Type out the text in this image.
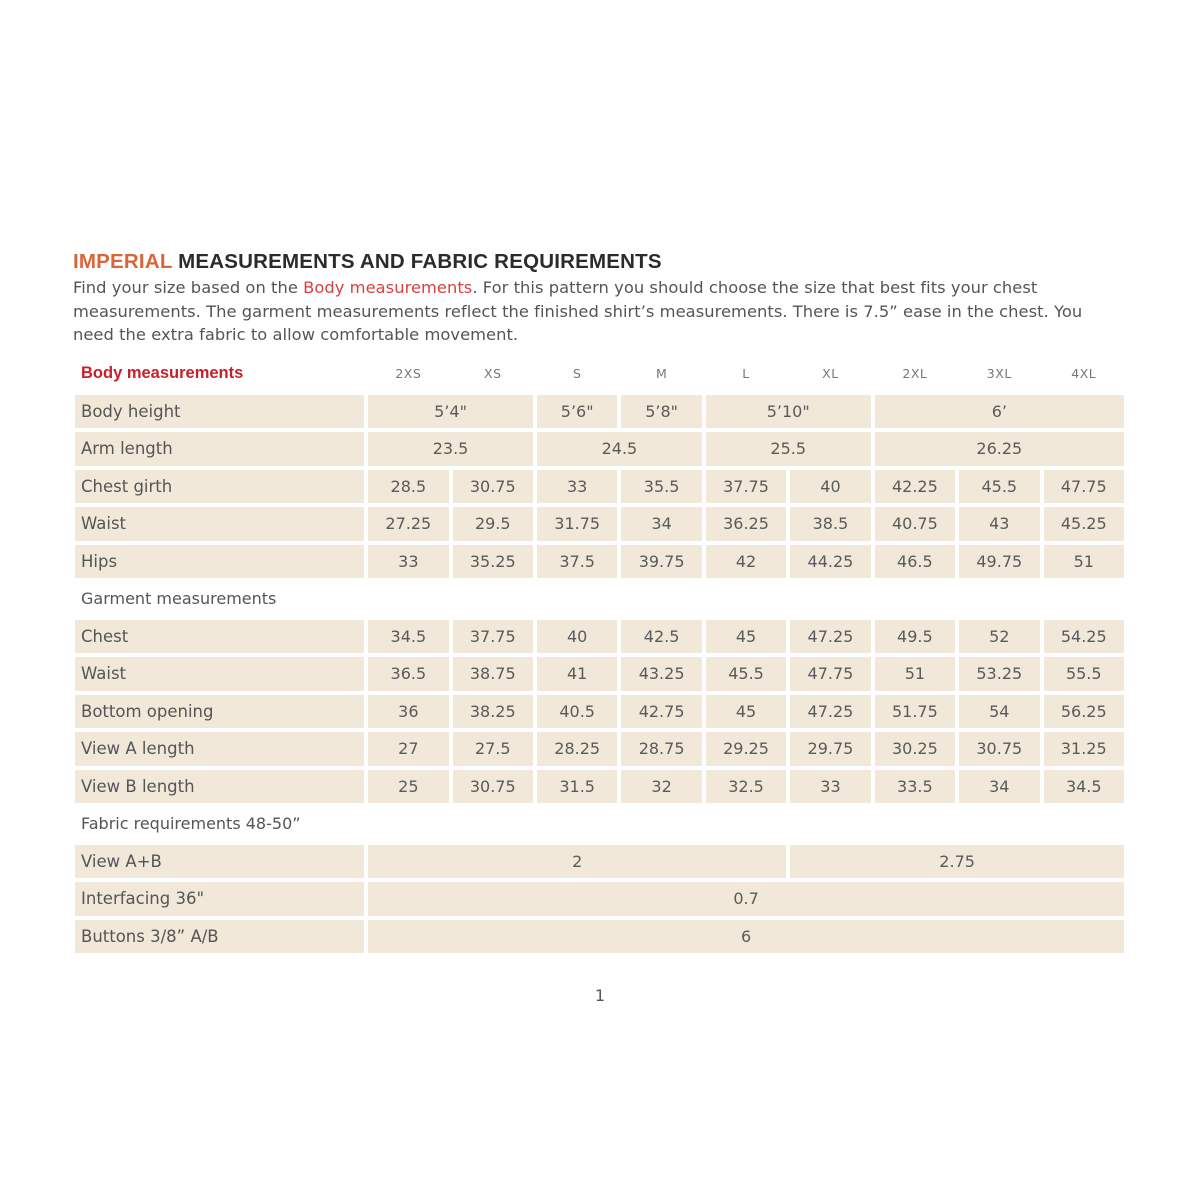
IMPERIAL MEASUREMENTS AND FABRIC REQUIREMENTS

Find your size based on the Body measurements. For this pattern you should choose the size that best fits your chest measurements. The garment measurements reflect the finished shirt’s measurements. There is 7.5” ease in the chest. You need the extra fabric to allow comfortable movement.

Body measurements	2XS	XS	S	M	L	XL	2XL	3XL	4XL
Body height	5’4"		5’6"	5’8"	5’10"		6’		
Arm length	23.5		24.5		25.5		26.25		
Chest girth	28.5	30.75	33	35.5	37.75	40	42.25	45.5	47.75
Waist	27.25	29.5	31.75	34	36.25	38.5	40.75	43	45.25
Hips	33	35.25	37.5	39.75	42	44.25	46.5	49.75	51
Garment measurements									
Chest	34.5	37.75	40	42.5	45	47.25	49.5	52	54.25
Waist	36.5	38.75	41	43.25	45.5	47.75	51	53.25	55.5
Bottom opening	36	38.25	40.5	42.75	45	47.25	51.75	54	56.25
View A length	27	27.5	28.25	28.75	29.25	29.75	30.25	30.75	31.25
View B length	25	30.75	31.5	32	32.5	33	33.5	34	34.5
Fabric requirements 48-50”									
View A+B	2					2.75			
Interfacing 36"	0.7								
Buttons 3/8” A/B	6								
1
